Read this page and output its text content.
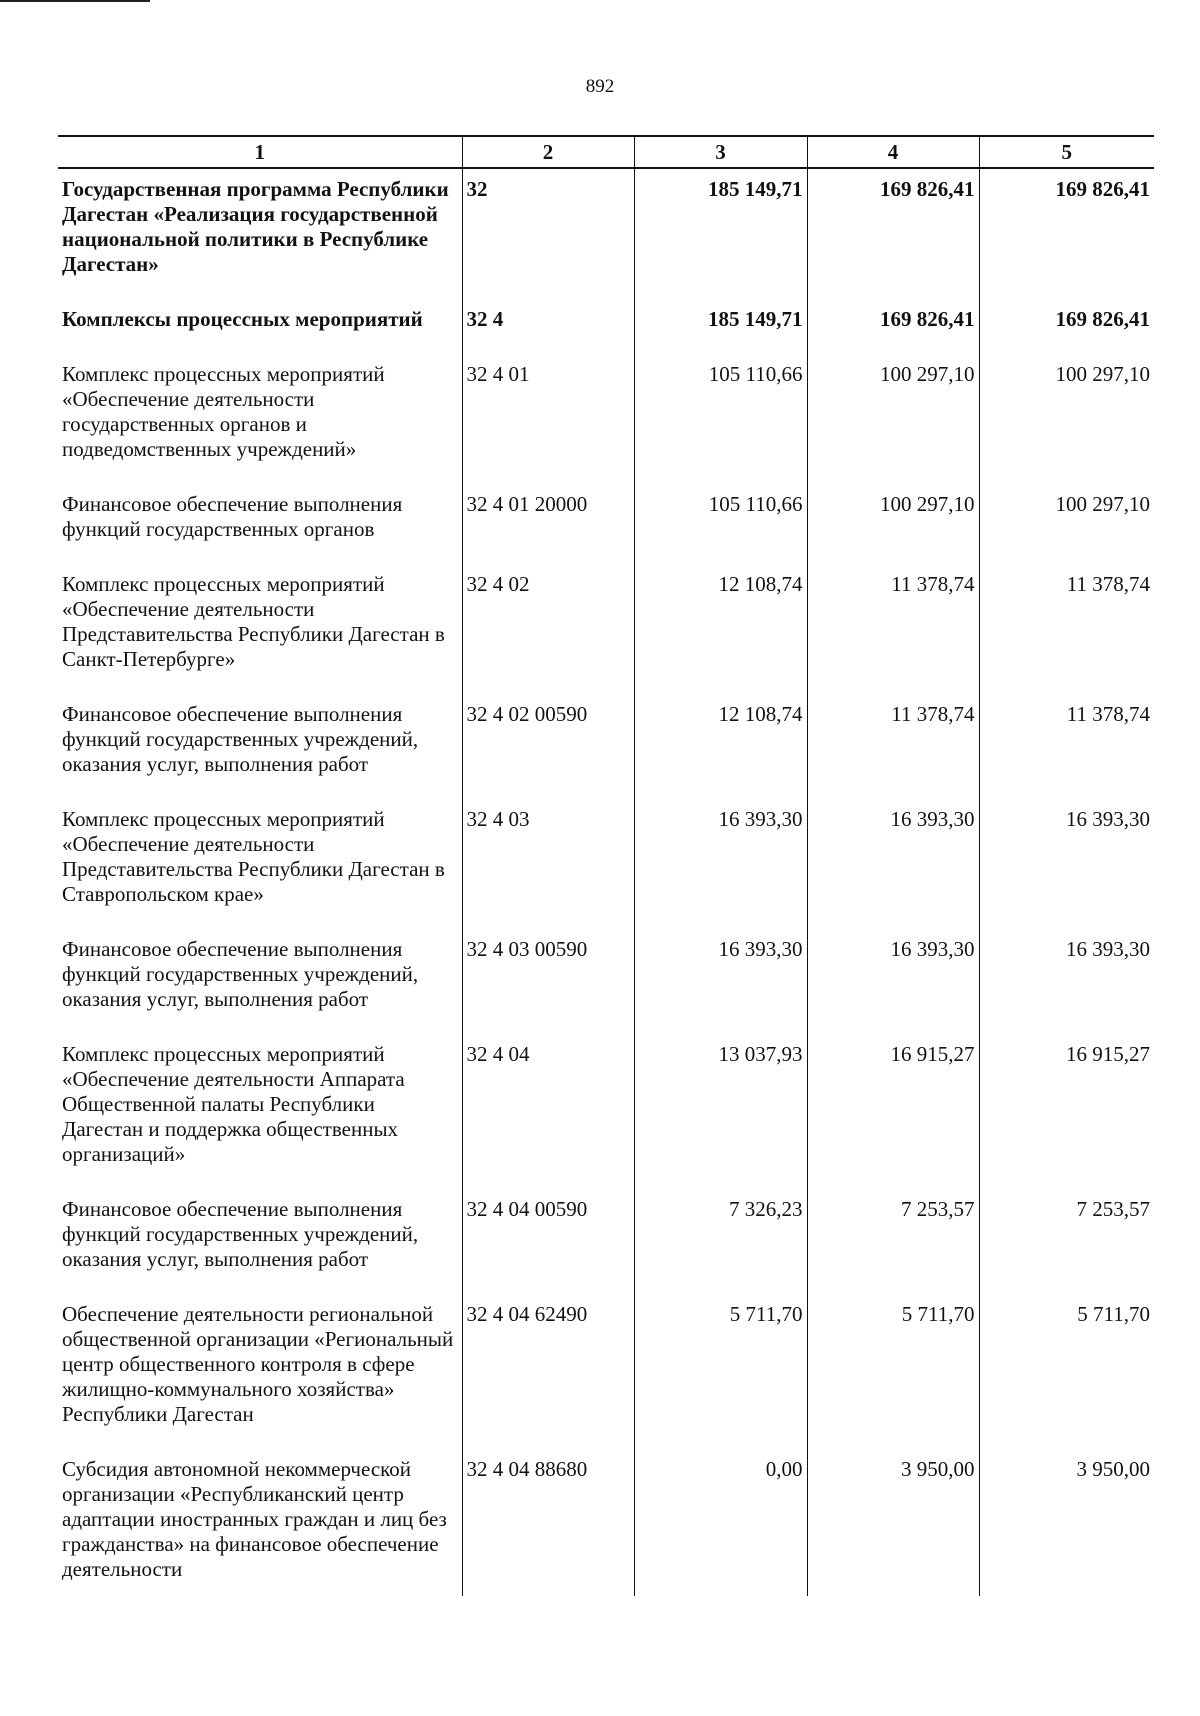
892
1	2	3	4	5
Государственная программа Республики Дагестан «Реализация государственной национальной политики в Республике Дагестан»	32	185 149,71	169 826,41	169 826,41
Комплексы процессных мероприятий	32 4	185 149,71	169 826,41	169 826,41
Комплекс процессных мероприятий «Обеспечение деятельности государственных органов и подведомственных учреждений»	32 4 01	105 110,66	100 297,10	100 297,10
Финансовое обеспечение выполнения функций государственных органов	32 4 01 20000	105 110,66	100 297,10	100 297,10
Комплекс процессных мероприятий «Обеспечение деятельности Представительства Республики Дагестан в Санкт-Петербурге»	32 4 02	12 108,74	11 378,74	11 378,74
Финансовое обеспечение выполнения функций государственных учреждений, оказания услуг, выполнения работ	32 4 02 00590	12 108,74	11 378,74	11 378,74
Комплекс процессных мероприятий «Обеспечение деятельности Представительства Республики Дагестан в Ставропольском крае»	32 4 03	16 393,30	16 393,30	16 393,30
Финансовое обеспечение выполнения функций государственных учреждений, оказания услуг, выполнения работ	32 4 03 00590	16 393,30	16 393,30	16 393,30
Комплекс процессных мероприятий «Обеспечение деятельности Аппарата Общественной палаты Республики Дагестан и поддержка общественных организаций»	32 4 04	13 037,93	16 915,27	16 915,27
Финансовое обеспечение выполнения функций государственных учреждений, оказания услуг, выполнения работ	32 4 04 00590	7 326,23	7 253,57	7 253,57
Обеспечение деятельности региональной общественной организации «Региональный центр общественного контроля в сфере жилищно-коммунального хозяйства» Республики Дагестан	32 4 04 62490	5 711,70	5 711,70	5 711,70
Субсидия автономной некоммерческой организации «Республиканский центр адаптации иностранных граждан и лиц без гражданства» на финансовое обеспечение деятельности	32 4 04 88680	0,00	3 950,00	3 950,00
